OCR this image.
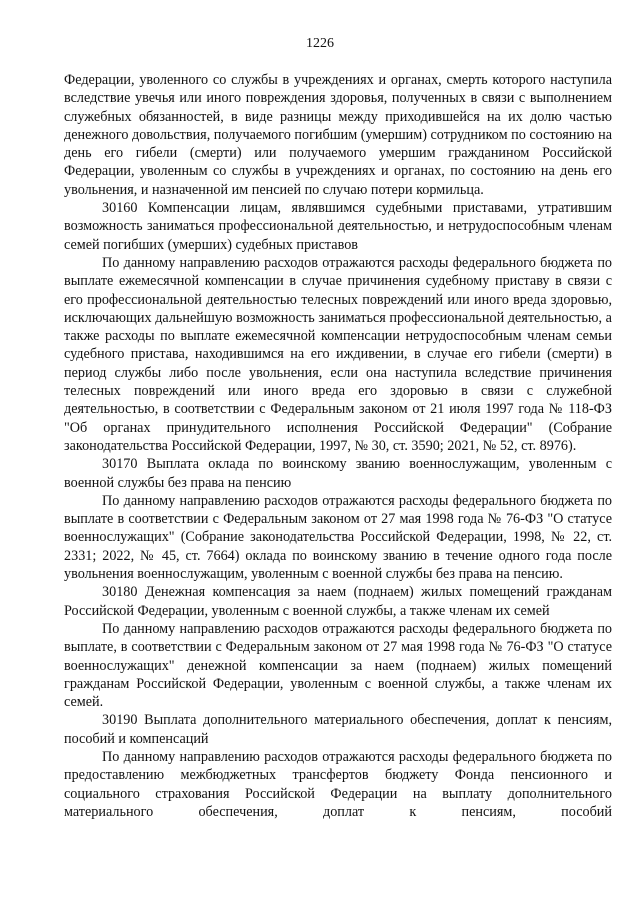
1226

Федерации, уволенного со службы в учреждениях и органах, смерть которого наступила вследствие увечья или иного повреждения здоровья, полученных в связи с выполнением служебных обязанностей, в виде разницы между приходившейся на их долю частью денежного довольствия, получаемого погибшим (умершим) сотрудником по состоянию на день его гибели (смерти) или получаемого умершим гражданином Российской Федерации, уволенным со службы в учреждениях и органах, по состоянию на день его увольнения, и назначенной им пенсией по случаю потери кормильца.

30160 Компенсации лицам, являвшимся судебными приставами, утратившим возможность заниматься профессиональной деятельностью, и нетрудоспособным членам семей погибших (умерших) судебных приставов

По данному направлению расходов отражаются расходы федерального бюджета по выплате ежемесячной компенсации в случае причинения судебному приставу в связи с его профессиональной деятельностью телесных повреждений или иного вреда здоровью, исключающих дальнейшую возможность заниматься профессиональной деятельностью, а также расходы по выплате ежемесячной компенсации нетрудоспособным членам семьи судебного пристава, находившимся на его иждивении, в случае его гибели (смерти) в период службы либо после увольнения, если она наступила вследствие причинения телесных повреждений или иного вреда его здоровью в связи с служебной деятельностью, в соответствии с Федеральным законом от 21 июля 1997 года № 118-ФЗ "Об органах принудительного исполнения Российской Федерации" (Собрание законодательства Российской Федерации, 1997, № 30, ст. 3590; 2021, № 52, ст. 8976).

30170 Выплата оклада по воинскому званию военнослужащим, уволенным с военной службы без права на пенсию

По данному направлению расходов отражаются расходы федерального бюджета по выплате в соответствии с Федеральным законом от 27 мая 1998 года № 76-ФЗ "О статусе военнослужащих" (Собрание законодательства Российской Федерации, 1998, № 22, ст. 2331; 2022, № 45, ст. 7664) оклада по воинскому званию в течение одного года после увольнения военнослужащим, уволенным с военной службы без права на пенсию.

30180 Денежная компенсация за наем (поднаем) жилых помещений гражданам Российской Федерации, уволенным с военной службы, а также членам их семей

По данному направлению расходов отражаются расходы федерального бюджета по выплате, в соответствии с Федеральным законом от 27 мая 1998 года № 76-ФЗ "О статусе военнослужащих" денежной компенсации за наем (поднаем) жилых помещений гражданам Российской Федерации, уволенным с военной службы, а также членам их семей.

30190 Выплата дополнительного материального обеспечения, доплат к пенсиям, пособий и компенсаций

По данному направлению расходов отражаются расходы федерального бюджета по предоставлению межбюджетных трансфертов бюджету Фонда пенсионного и социального страхования Российской Федерации на выплату дополнительного материального обеспечения, доплат к пенсиям, пособий
